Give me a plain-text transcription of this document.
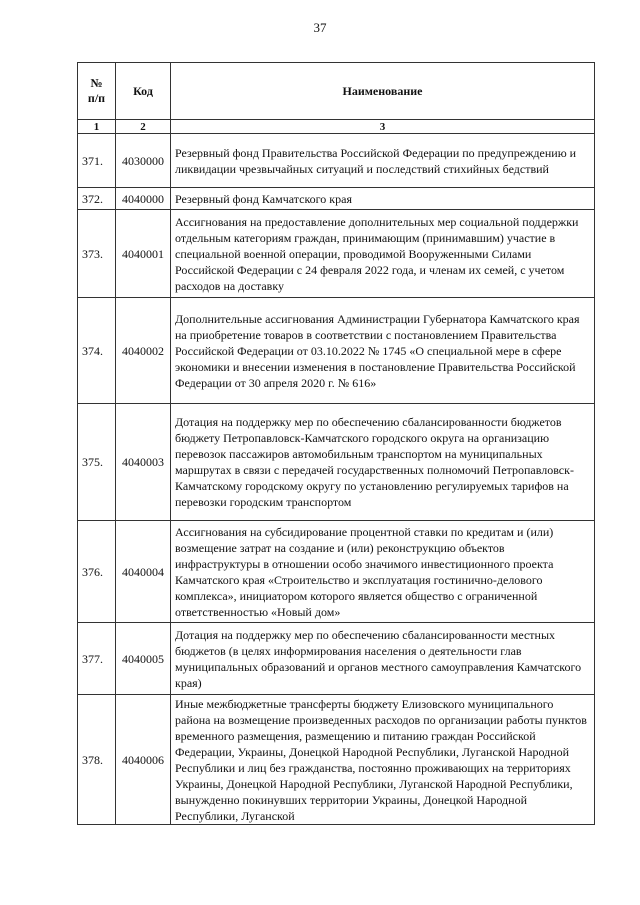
37
№
п/п	Код	Наименование
1	2	3
371.	4030000	Резервный фонд Правительства Российской Федерации по предупреждению и ликвидации чрезвычайных ситуаций и последствий стихийных бедствий
372.	4040000	Резервный фонд Камчатского края
373.	4040001	Ассигнования на предоставление дополнительных мер социальной поддержки отдельным категориям граждан, принимающим (принимавшим) участие в специальной военной операции, проводимой Вооруженными Силами Российской Федерации с 24 февраля 2022 года, и членам их семей, с учетом расходов на доставку
374.	4040002	Дополнительные ассигнования Администрации Губернатора Камчатского края на приобретение товаров в соответствии с постановлением Правительства Российской Федерации от 03.10.2022 № 1745 «О специальной мере в сфере экономики и внесении изменения в постановление Правительства Российской Федерации от 30 апреля 2020 г. № 616»
375.	4040003	Дотация на поддержку мер по обеспечению сбалансированности бюджетов бюджету Петропавловск-Камчатского городского округа на организацию перевозок пассажиров автомобильным транспортом на муниципальных маршрутах в связи с передачей государственных полномочий Петропавловск-Камчатскому городскому округу по установлению регулируемых тарифов на перевозки городским транспортом
376.	4040004	Ассигнования на субсидирование процентной ставки по кредитам и (или) возмещение затрат на создание и (или) реконструкцию объектов инфраструктуры в отношении особо значимого инвестиционного проекта Камчатского края «Строительство и эксплуатация гостинично-делового комплекса», инициатором которого является общество с ограниченной ответственностью «Новый дом»
377.	4040005	Дотация на поддержку мер по обеспечению сбалансированности местных бюджетов (в целях информирования населения о деятельности глав муниципальных образований и органов местного самоуправления Камчатского края)
378.	4040006	Иные межбюджетные трансферты бюджету Елизовского муниципального района на возмещение произведенных расходов по организации работы пунктов временного размещения, размещению и питанию граждан Российской Федерации, Украины, Донецкой Народной Республики, Луганской Народной Республики и лиц без гражданства, постоянно проживающих на территориях Украины, Донецкой Народной Республики, Луганской Народной Республики, вынужденно покинувших территории Украины, Донецкой Народной Республики, Луганской
